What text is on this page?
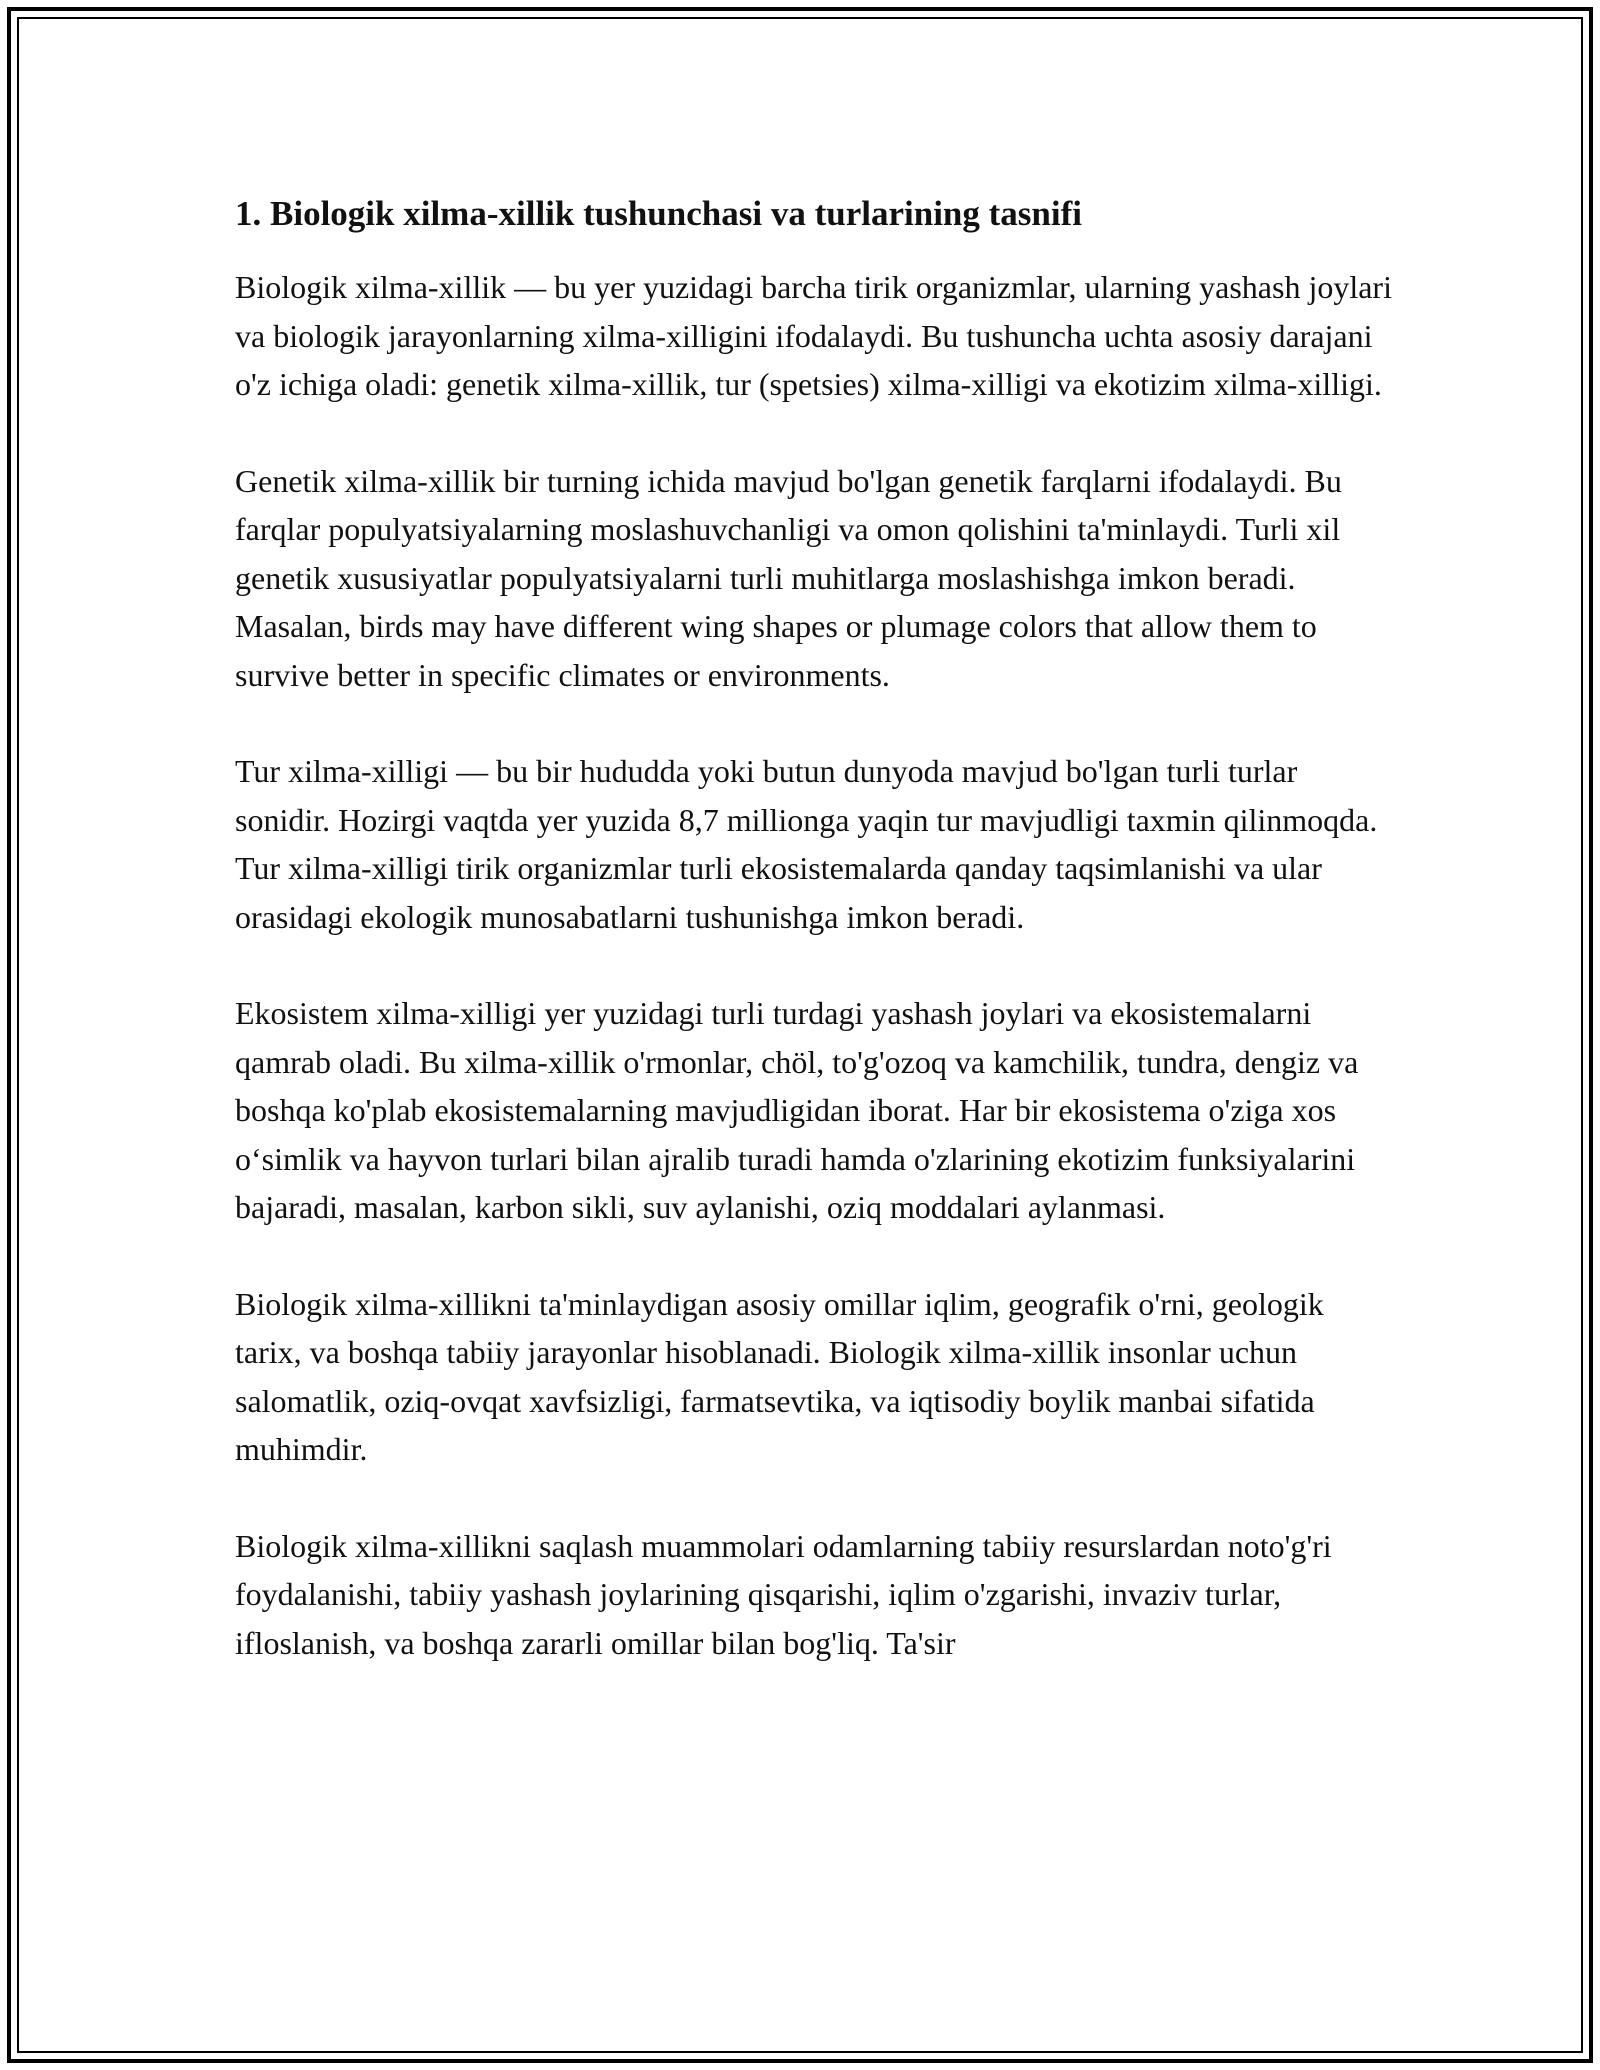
1. Biologik xilma-xillik tushunchasi va turlarining tasnifi

Biologik xilma-xillik — bu yer yuzidagi barcha tirik organizmlar, ularning yashash joylari va biologik jarayonlarning xilma-xilligini ifodalaydi. Bu tushuncha uchta asosiy darajani o'z ichiga oladi: genetik xilma-xillik, tur (spetsies) xilma-xilligi va ekotizim xilma-xilligi.

Genetik xilma-xillik bir turning ichida mavjud bo'lgan genetik farqlarni ifodalaydi. Bu farqlar populyatsiyalarning moslashuvchanligi va omon qolishini ta'minlaydi. Turli xil genetik xususiyatlar populyatsiyalarni turli muhitlarga moslashishga imkon beradi. Masalan, birds may have different wing shapes or plumage colors that allow them to survive better in specific climates or environments.

Tur xilma-xilligi — bu bir hududda yoki butun dunyoda mavjud bo'lgan turli turlar sonidir. Hozirgi vaqtda yer yuzida 8,7 millionga yaqin tur mavjudligi taxmin qilinmoqda. Tur xilma-xilligi tirik organizmlar turli ekosistemalarda qanday taqsimlanishi va ular orasidagi ekologik munosabatlarni tushunishga imkon beradi.

Ekosistem xilma-xilligi yer yuzidagi turli turdagi yashash joylari va ekosistemalarni qamrab oladi. Bu xilma-xillik o'rmonlar, chöl, to'g'ozoq va kamchilik, tundra, dengiz va boshqa ko'plab ekosistemalarning mavjudligidan iborat. Har bir ekosistema o'ziga xos o‘simlik va hayvon turlari bilan ajralib turadi hamda o'zlarining ekotizim funksiyalarini bajaradi, masalan, karbon sikli, suv aylanishi, oziq moddalari aylanmasi.

Biologik xilma-xillikni ta'minlaydigan asosiy omillar iqlim, geografik o'rni, geologik tarix, va boshqa tabiiy jarayonlar hisoblanadi. Biologik xilma-xillik insonlar uchun salomatlik, oziq-ovqat xavfsizligi, farmatsevtika, va iqtisodiy boylik manbai sifatida muhimdir.

Biologik xilma-xillikni saqlash muammolari odamlarning tabiiy resurslardan noto'g'ri foydalanishi, tabiiy yashash joylarining qisqarishi, iqlim o'zgarishi, invaziv turlar, ifloslanish, va boshqa zararli omillar bilan bog'liq. Ta'sir
